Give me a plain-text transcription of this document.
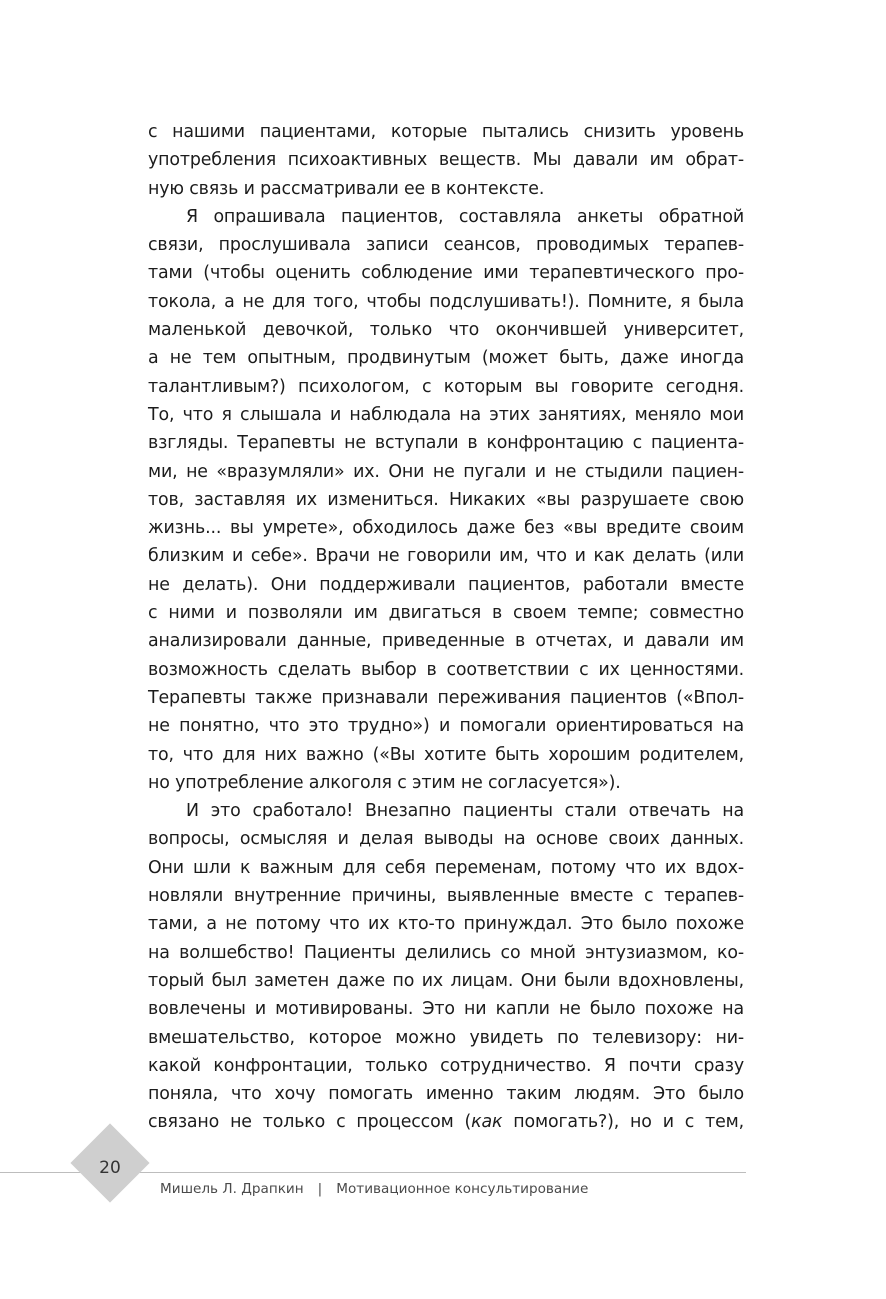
с нашими пациентами, которые пытались снизить уровень
употребления психоактивных веществ. Мы давали им обрат-
ную связь и рассматривали ее в контексте.
Я опрашивала пациентов, составляла анкеты обратной
связи, прослушивала записи сеансов, проводимых терапев-
тами (чтобы оценить соблюдение ими терапевтического про-
токола, а не для того, чтобы подслушивать!). Помните, я была
маленькой девочкой, только что окончившей университет,
а не тем опытным, продвинутым (может быть, даже иногда
талантливым?) психологом, с которым вы говорите сегодня.
То, что я слышала и наблюдала на этих занятиях, меняло мои
взгляды. Терапевты не вступали в конфронтацию с пациента-
ми, не «вразумляли» их. Они не пугали и не стыдили пациен-
тов, заставляя их измениться. Никаких «вы разрушаете свою
жизнь... вы умрете», обходилось даже без «вы вредите своим
близким и себе». Врачи не говорили им, что и как делать (или
не делать). Они поддерживали пациентов, работали вместе
с ними и позволяли им двигаться в своем темпе; совместно
анализировали данные, приведенные в отчетах, и давали им
возможность сделать выбор в соответствии с их ценностями.
Терапевты также признавали переживания пациентов («Впол-
не понятно, что это трудно») и помогали ориентироваться на
то, что для них важно («Вы хотите быть хорошим родителем,
но употребление алкоголя с этим не согласуется»).
И это сработало! Внезапно пациенты стали отвечать на
вопросы, осмысляя и делая выводы на основе своих данных.
Они шли к важным для себя переменам, потому что их вдох-
новляли внутренние причины, выявленные вместе с терапев-
тами, а не потому что их кто-то принуждал. Это было похоже
на волшебство! Пациенты делились со мной энтузиазмом, ко-
торый был заметен даже по их лицам. Они были вдохновлены,
вовлечены и мотивированы. Это ни капли не было похоже на
вмешательство, которое можно увидеть по телевизору: ни-
какой конфронтации, только сотрудничество. Я почти сразу
поняла, что хочу помогать именно таким людям. Это было
связано не только с процессом (как помогать?), но и с тем,
20
Мишель Л. Драпкин | Мотивационное консультирование
